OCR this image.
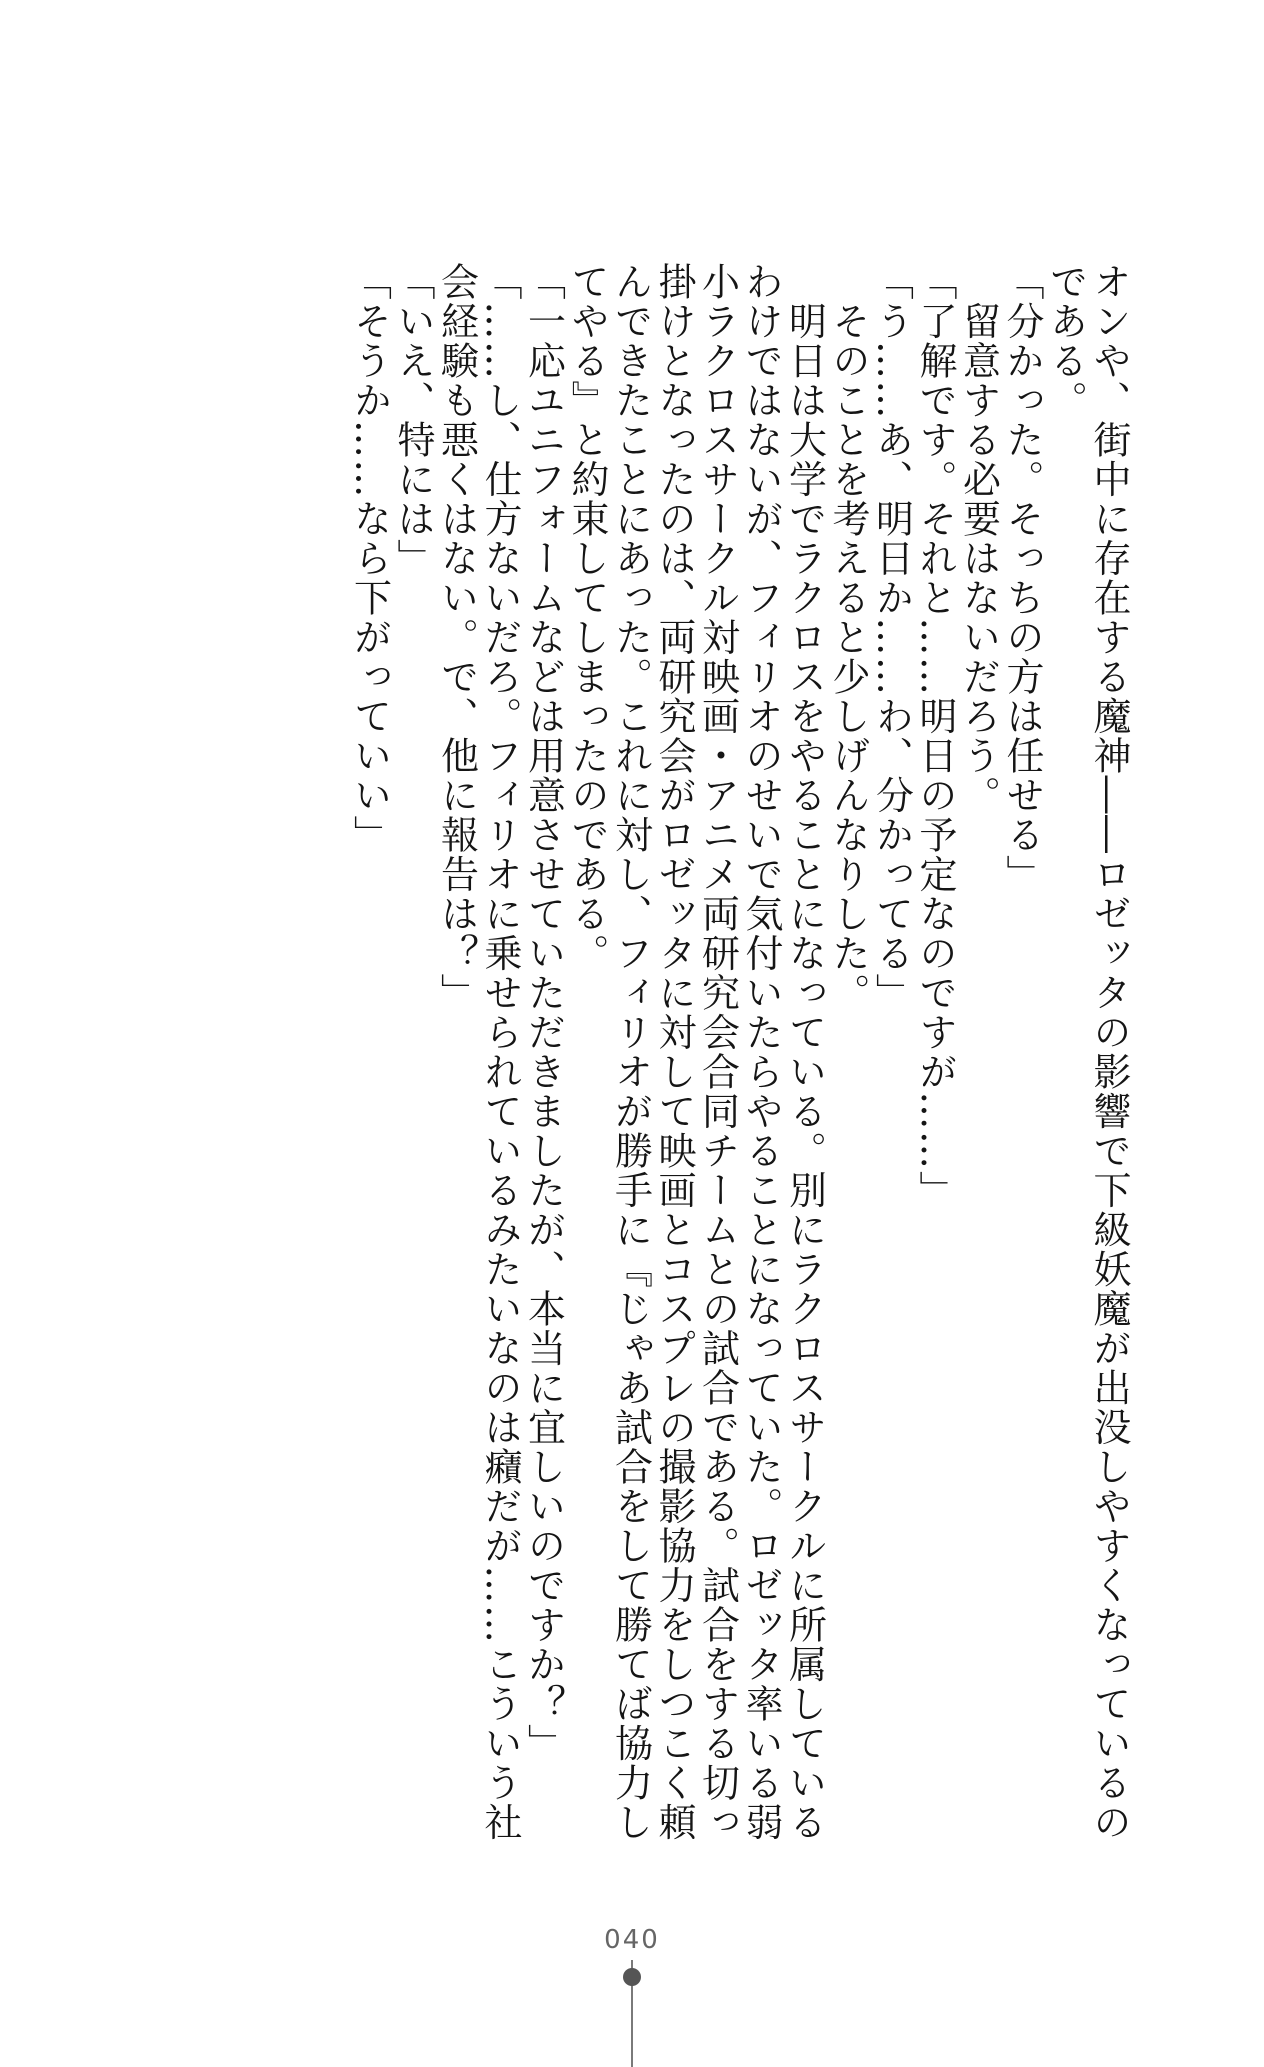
オンや、街中に存在する魔神――ロゼッタの影響で下級妖魔が出没しやすくなっているの
である。
「分かった。そっちの方は任せる」
　留意する必要はないだろう。
「了解です。それと……明日の予定なのですが……」
「う……あ、明日か……わ、分かってる」
　そのことを考えると少しげんなりした。
　明日は大学でラクロスをやることになっている。別にラクロスサークルに所属している
わけではないが、フィリオのせいで気付いたらやることになっていた。ロゼッタ率いる弱
小ラクロスサークル対映画・アニメ両研究会合同チームとの試合である。試合をする切っ
掛けとなったのは、両研究会がロゼッタに対して映画とコスプレの撮影協力をしつこく頼
んできたことにあった。これに対し、フィリオが勝手に『じゃあ試合をして勝てば協力し
てやる』と約束してしまったのである。
「一応ユニフォームなどは用意させていただきましたが、本当に宜しいのですか？」
「……し、仕方ないだろ。フィリオに乗せられているみたいなのは癪だが……こういう社
会経験も悪くはない。で、他に報告は？」
「いえ、特には」
「そうか……なら下がっていい」
040
